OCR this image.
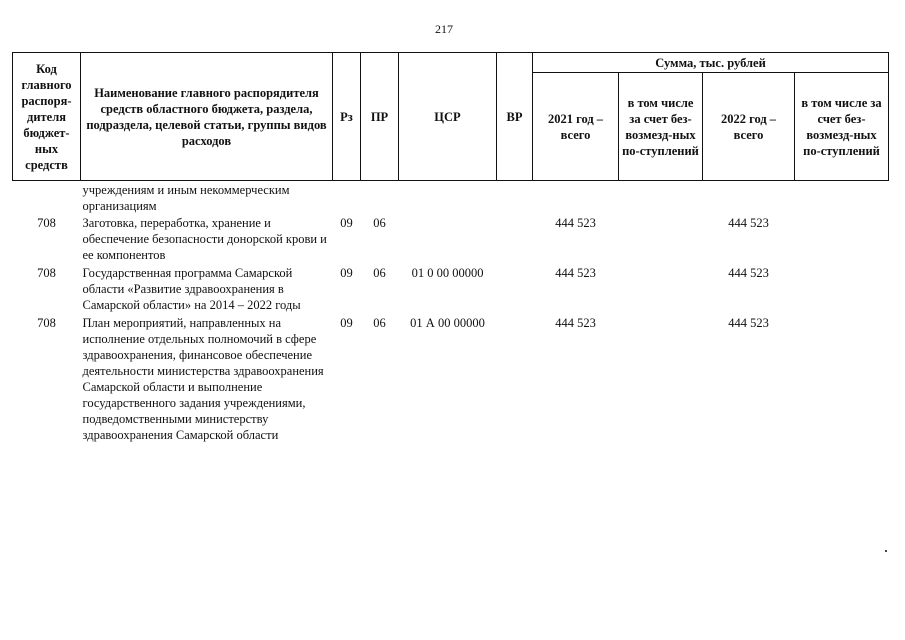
217
Код главного распоря-дителя бюджет-ных средств	Наименование главного распорядителя средств областного бюджета, раздела, подраздела, целевой статьи, группы видов расходов	Рз	ПР	ЦСР	ВР	Сумма, тыс. рублей			
						2021 год – всего	в том числе за счет без-возмезд-ных по-ступлений	2022 год – всего	в том числе за счет без-возмезд-ных по-ступлений
	учреждениям и иным некоммерческим организациям								
708	Заготовка, переработка, хранение и обеспечение безопасности донорской крови и ее компонентов	09	06			444 523		444 523	
708	Государственная программа Самарской области «Развитие здравоохранения в Самарской области» на 2014 – 2022 годы	09	06	01 0 00 00000		444 523		444 523	
708	План мероприятий, направленных на исполнение отдельных полномочий в сфере здравоохранения, финансовое обеспечение деятельности министерства здравоохранения Самарской области и выполнение государственного задания учреждениями, подведомственными министерству здравоохранения Самарской области	09	06	01 А 00 00000		444 523		444 523	
